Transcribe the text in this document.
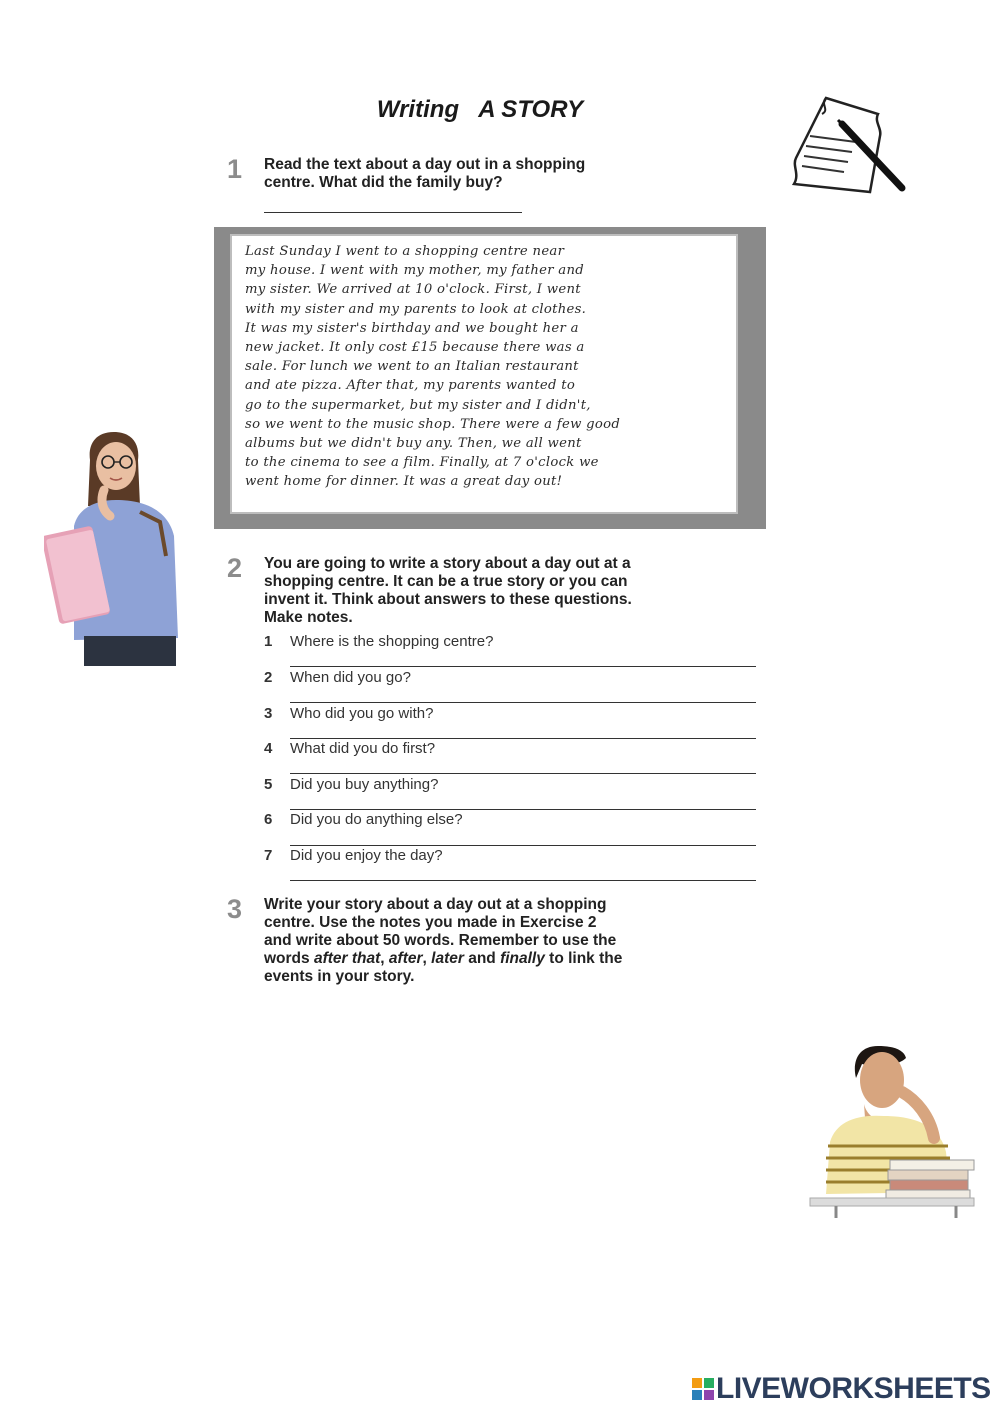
Writing   A STORY
1 Read the text about a day out in a shopping
centre. What did the family buy?
Last Sunday I went to a shopping centre near
my house. I went with my mother, my father and
my sister. We arrived at 10 o'clock. First, I went
with my sister and my parents to look at clothes.
It was my sister's birthday and we bought her a
new jacket. It only cost £15 because there was a
sale. For lunch we went to an Italian restaurant
and ate pizza. After that, my parents wanted to
go to the supermarket, but my sister and I didn't,
so we went to the music shop. There were a few good
albums but we didn't buy any. Then, we all went
to the cinema to see a film. Finally, at 7 o'clock we
went home for dinner. It was a great day out!
2 You are going to write a story about a day out at a
shopping centre. It can be a true story or you can
invent it. Think about answers to these questions.
Make notes.
1 Where is the shopping centre?
2 When did you go?
3 Who did you go with?
4 What did you do first?
5 Did you buy anything?
6 Did you do anything else?
7 Did you enjoy the day?
3 Write your story about a day out at a shopping
centre. Use the notes you made in Exercise 2
and write about 50 words. Remember to use the
words after that, after, later and finally to link the
events in your story.
LIVEWORKSHEETS
